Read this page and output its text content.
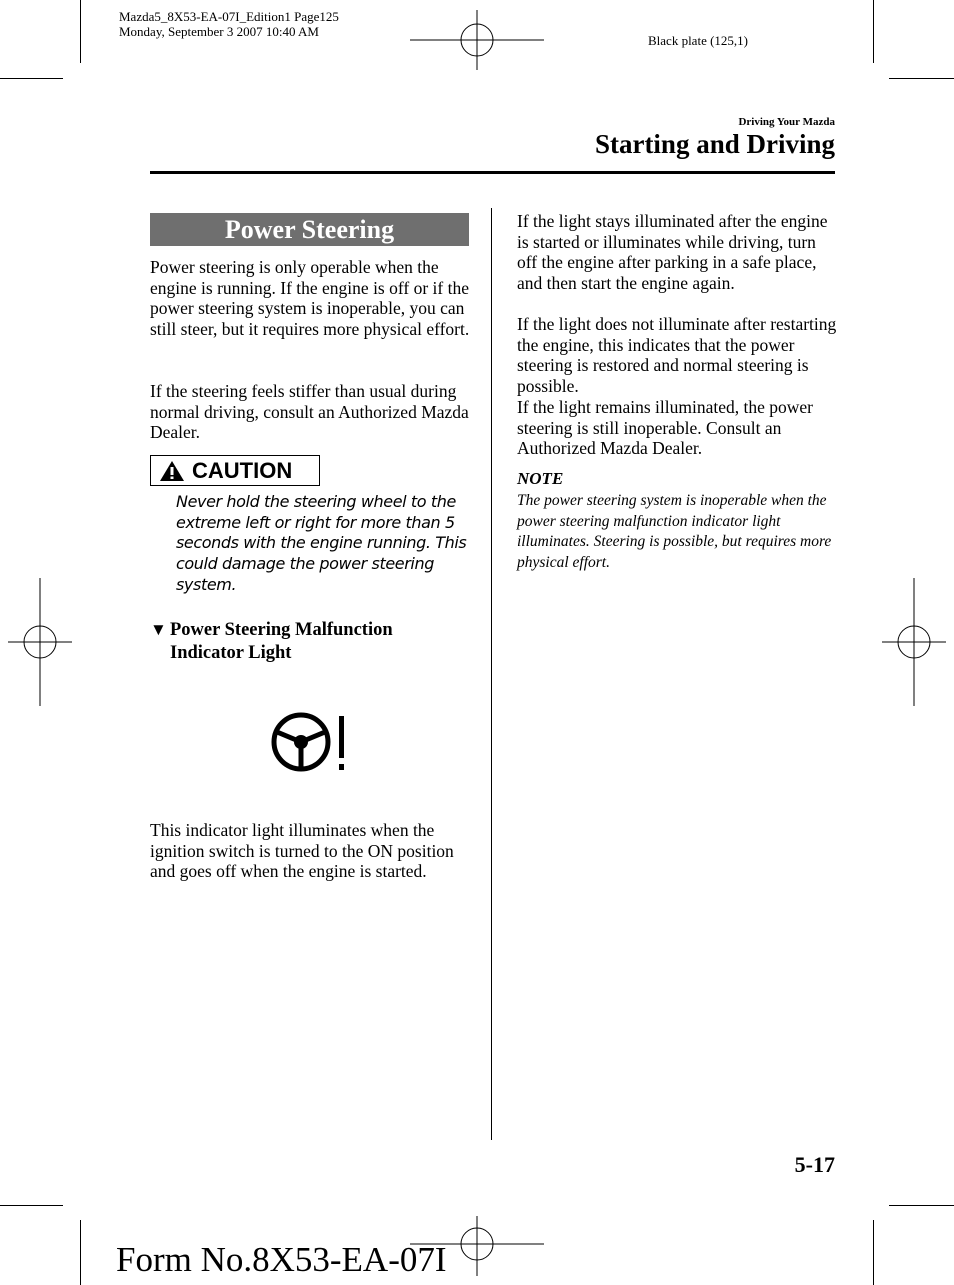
Mazda5_8X53-EA-07I_Edition1 Page125
Monday, September 3 2007 10:40 AM
Black plate (125,1)
Driving Your Mazda
Starting and Driving
Power Steering
Power steering is only operable when the engine is running. If the engine is off or if the power steering system is inoperable, you can still steer, but it requires more physical effort.
If the steering feels stiffer than usual during normal driving, consult an Authorized Mazda Dealer.
CAUTION
Never hold the steering wheel to the extreme left or right for more than 5 seconds with the engine running. This could damage the power steering system.
▼ Power Steering Malfunction
Indicator Light
This indicator light illuminates when the ignition switch is turned to the ON position and goes off when the engine is started.
If the light stays illuminated after the engine is started or illuminates while driving, turn off the engine after parking in a safe place, and then start the engine again.
If the light does not illuminate after restarting the engine, this indicates that the power steering is restored and normal steering is possible.
If the light remains illuminated, the power steering is still inoperable. Consult an Authorized Mazda Dealer.
NOTE
The power steering system is inoperable when the power steering malfunction indicator light illuminates. Steering is possible, but requires more physical effort.
5-17
Form No.8X53-EA-07I
